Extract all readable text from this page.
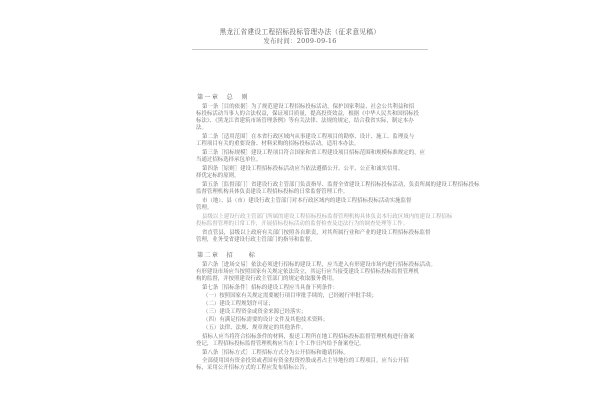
黑龙江省建设工程招标投标管理办法（征求意见稿）
发布时间：2009-09-16
第一章　总　则
第一条［目的依据］为了规范建设工程招标投标活动，保护国家利益、社会公共利益和招
标投标活动当事人的合法权益，保证项目质量，提高投资效益，根据《中华人民共和国招标投
标法》、《黑龙江省建筑市场管理条例》等有关法律、法规的规定，结合我省实际，制定本办
法。
第二条［适用范围］在本省行政区域内从事建设工程项目的勘察、设计、施工、监理及与
工程项目有关的重要设备、材料采购的招标投标活动，适用本办法。
第三条［招标规模］建设工程项目符合国家和省工程建设项目招标范围和规模标准规定的，应
当通过招标选择承包单位。
第四条［原则］建设工程招标投标活动应当依法遵循公开、公平、公正和诚实信用、
择优定标的原则。
第五条［监督部门］省建设行政主管部门负责指导、监督全省建设工程招标投标活动，负责所属的建设工程招标投标
监督管理机构具体负责建设工程招标投标的日常监督管理工作。
市（地）、县（市）建设行政主管部门对本行政区域内的建设工程招标投标活动实施监督
管理。
县级以上建设行政主管部门所属的建设工程招标投标监督管理机构具体负责本行政区域内的建设工程招标
投标监督管理的日常工作，开展招标投标活动的监督检查及违法行为的调查处理等工作。
省直管县，县级以上政府有关部门按照各自职责，对其所属行业和产业的建设工程招标投标监督
管理，业务受省建设行政主管部门的指导和监督。
第二章　招　　标
第六条［进场交易］依法必须进行招标的建设工程，应当进入有形建设市场内进行招标投标活动。
有形建设市场应当按照国家有关规定依法设立，其运行应当接受建设工程招标投标监督管理机
构的监督，并按照建设行政主管部门的规定收取服务费用。
第七条［招标条件］招标的建设工程应当具备下列条件：
（一）按照国家有关规定需要履行项目审批手续的，已经履行审批手续；
（二）建设工程规划许可证；
（三）建设工程资金或资金来源已经落实；
（四）有满足招标需要的设计文件及其他技术资料；
（五）法律、法规、规章规定的其他条件。
招标人应当将符合招标条件的材料，报送工程所在地工程招标投标监督管理机构进行备案
登记，工程招标投标监督管理机构应当在１个工作日内给予备案登记。
第八条［招标方式］工程招标方式分为公开招标和邀请招标。
全部使用国有资金投资或者国有资金投资控股或者占主导地位的工程项目，应当公开招
标，采用公开招标方式的工程应发布招标公告。
